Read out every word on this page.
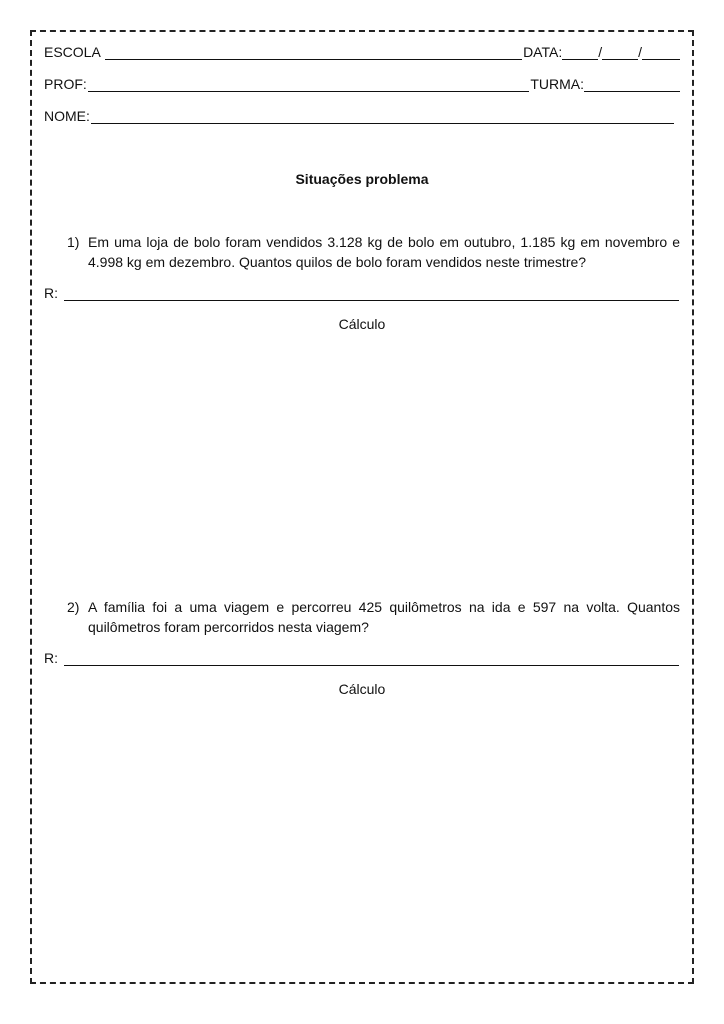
ESCOLA	DATA:	/	/
PROF:	TURMA:
NOME:
Situações problema
1) Em uma loja de bolo foram vendidos 3.128 kg de bolo em outubro, 1.185 kg em novembro e 4.998 kg em dezembro. Quantos quilos de bolo foram vendidos neste trimestre?
R:
Cálculo
2) A família foi a uma viagem e percorreu 425 quilômetros na ida e 597 na volta. Quantos quilômetros foram percorridos nesta viagem?
R:
Cálculo
